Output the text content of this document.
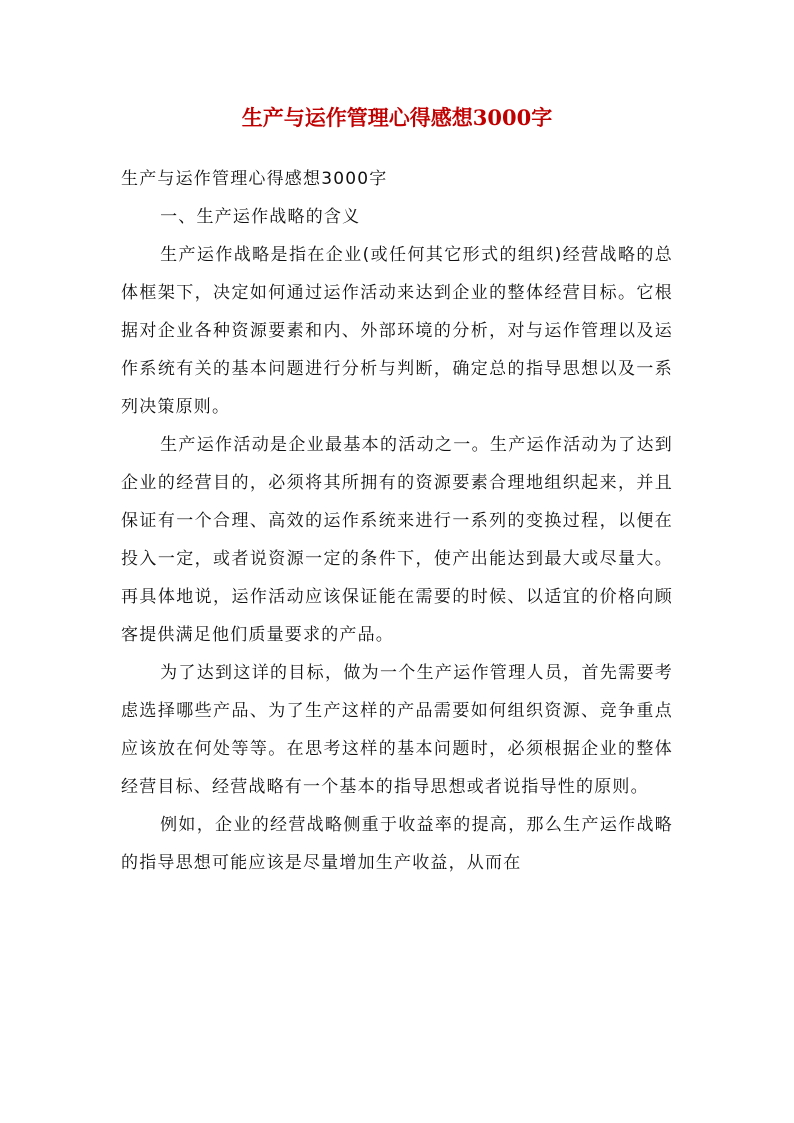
生产与运作管理心得感想3000字

生产与运作管理心得感想3000字

一、生产运作战略的含义

生产运作战略是指在企业(或任何其它形式的组织)经营战略的总体框架下，决定如何通过运作活动来达到企业的整体经营目标。它根据对企业各种资源要素和内、外部环境的分析，对与运作管理以及运作系统有关的基本问题进行分析与判断，确定总的指导思想以及一系列决策原则。

生产运作活动是企业最基本的活动之一。生产运作活动为了达到企业的经营目的，必须将其所拥有的资源要素合理地组织起来，并且保证有一个合理、高效的运作系统来进行一系列的变换过程，以便在投入一定，或者说资源一定的条件下，使产出能达到最大或尽量大。再具体地说，运作活动应该保证能在需要的时候、以适宜的价格向顾客提供满足他们质量要求的产品。

为了达到这详的目标，做为一个生产运作管理人员，首先需要考虑选择哪些产品、为了生产这样的产品需要如何组织资源、竞争重点应该放在何处等等。在思考这样的基本问题时，必须根据企业的整体经营目标、经营战略有一个基本的指导思想或者说指导性的原则。

例如，企业的经营战略侧重于收益率的提高，那么生产运作战略的指导思想可能应该是尽量增加生产收益，从而在
